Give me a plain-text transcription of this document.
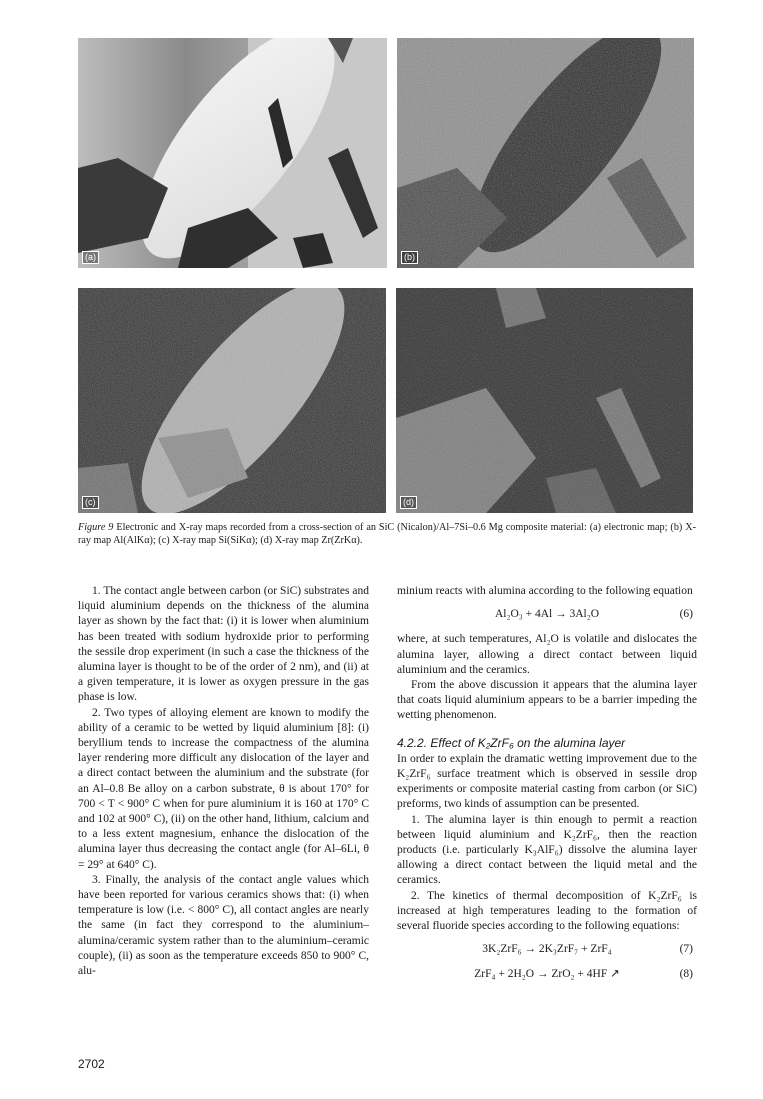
(a)	(b)
(c)	(d)
Figure 9 Electronic and X-ray maps recorded from a cross-section of an SiC (Nicalon)/Al–7Si–0.6 Mg composite material: (a) electronic map; (b) X-ray map Al(AlKα); (c) X-ray map Si(SiKα); (d) X-ray map Zr(ZrKα).

1. The contact angle between carbon (or SiC) substrates and liquid aluminium depends on the thickness of the alumina layer as shown by the fact that: (i) it is lower when aluminium has been treated with sodium hydroxide prior to performing the sessile drop experiment (in such a case the thickness of the alumina layer is thought to be of the order of 2 nm), and (ii) at a given temperature, it is lower as oxygen pressure in the gas phase is low.

2. Two types of alloying element are known to modify the ability of a ceramic to be wetted by liquid aluminium [8]: (i) beryllium tends to increase the compactness of the alumina layer rendering more difficult any dislocation of the layer and a direct contact between the aluminium and the substrate (for an Al–0.8 Be alloy on a carbon substrate, θ is about 170° for 700 < T < 900° C when for pure aluminium it is 160 at 170° C and 102 at 900° C), (ii) on the other hand, lithium, calcium and to a less extent magnesium, enhance the dislocation of the alumina layer thus decreasing the contact angle (for Al–6Li, θ = 29° at 640° C).

3. Finally, the analysis of the contact angle values which have been reported for various ceramics shows that: (i) when temperature is low (i.e. < 800° C), all contact angles are nearly the same (in fact they correspond to the aluminium–alumina/ceramic system rather than to the aluminium–ceramic couple), (ii) as soon as the temperature exceeds 850 to 900° C, alu-

minium reacts with alumina according to the following equation

Al₂O₃ + 4Al → 3Al₂O	(6)

where, at such temperatures, Al₂O is volatile and dislocates the alumina layer, allowing a direct contact between liquid aluminium and the ceramics.

From the above discussion it appears that the alumina layer that coats liquid aluminium appears to be a barrier impeding the wetting phenomenon.

4.2.2. Effect of K₂ZrF₆ on the alumina layer

In order to explain the dramatic wetting improvement due to the K₂ZrF₆ surface treatment which is observed in sessile drop experiments or composite material casting from carbon (or SiC) preforms, two kinds of assumption can be presented.

1. The alumina layer is thin enough to permit a reaction between liquid aluminium and K₂ZrF₆, then the reaction products (i.e. particularly K₃AlF₆) dissolve the alumina layer allowing a direct contact between the liquid metal and the ceramics.

2. The kinetics of thermal decomposition of K₂ZrF₆ is increased at high temperatures leading to the formation of several fluoride species according to the following equations:

3K₂ZrF₆ → 2K₃ZrF₇ + ZrF₄	(7)
ZrF₄ + 2H₂O → ZrO₂ + 4HF ↗	(8)
2702
